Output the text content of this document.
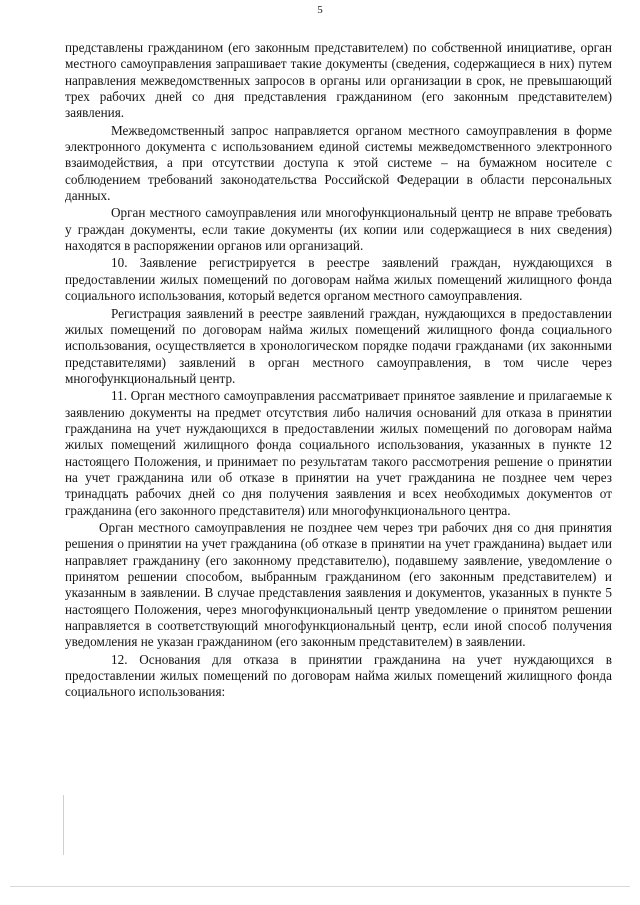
5

представлены гражданином (его законным представителем) по собственной инициативе, орган местного самоуправления запрашивает такие документы (сведения, содержащиеся в них) путем направления межведомственных запросов в органы или организации в срок, не превышающий трех рабочих дней со дня представления гражданином (его законным представителем) заявления.

Межведомственный запрос направляется органом местного самоуправления в форме электронного документа с использованием единой системы межведомственного электронного взаимодействия, а при отсутствии доступа к этой системе – на бумажном носителе с соблюдением требований законодательства Российской Федерации в области персональных данных.

Орган местного самоуправления или многофункциональный центр не вправе требовать у граждан документы, если такие документы (их копии или содержащиеся в них сведения) находятся в распоряжении органов или организаций.

10. Заявление регистрируется в реестре заявлений граждан, нуждающихся в предоставлении жилых помещений по договорам найма жилых помещений жилищного фонда социального использования, который ведется органом местного самоуправления.

Регистрация заявлений в реестре заявлений граждан, нуждающихся в предоставлении жилых помещений по договорам найма жилых помещений жилищного фонда социального использования, осуществляется в хронологическом порядке подачи гражданами (их законными представителями) заявлений в орган местного самоуправления, в том числе через многофункциональный центр.

11. Орган местного самоуправления рассматривает принятое заявление и прилагаемые к заявлению документы на предмет отсутствия либо наличия оснований для отказа в принятии гражданина на учет нуждающихся в предоставлении жилых помещений по договорам найма жилых помещений жилищного фонда социального использования, указанных в пункте 12 настоящего Положения, и принимает по результатам такого рассмотрения решение о принятии на учет гражданина или об отказе в принятии на учет гражданина не позднее чем через тринадцать рабочих дней со дня получения заявления и всех необходимых документов от гражданина (его законного представителя) или многофункционального центра.

Орган местного самоуправления не позднее чем через три рабочих дня со дня принятия решения о принятии на учет гражданина (об отказе в принятии на учет гражданина) выдает или направляет гражданину (его законному представителю), подавшему заявление, уведомление о принятом решении способом, выбранным гражданином (его законным представителем) и указанным в заявлении. В случае представления заявления и документов, указанных в пункте 5 настоящего Положения, через многофункциональный центр уведомление о принятом решении направляется в соответствующий многофункциональный центр, если иной способ получения уведомления не указан гражданином (его законным представителем) в заявлении.

12. Основания для отказа в принятии гражданина на учет нуждающихся в предоставлении жилых помещений по договорам найма жилых помещений жилищного фонда социального использования:
